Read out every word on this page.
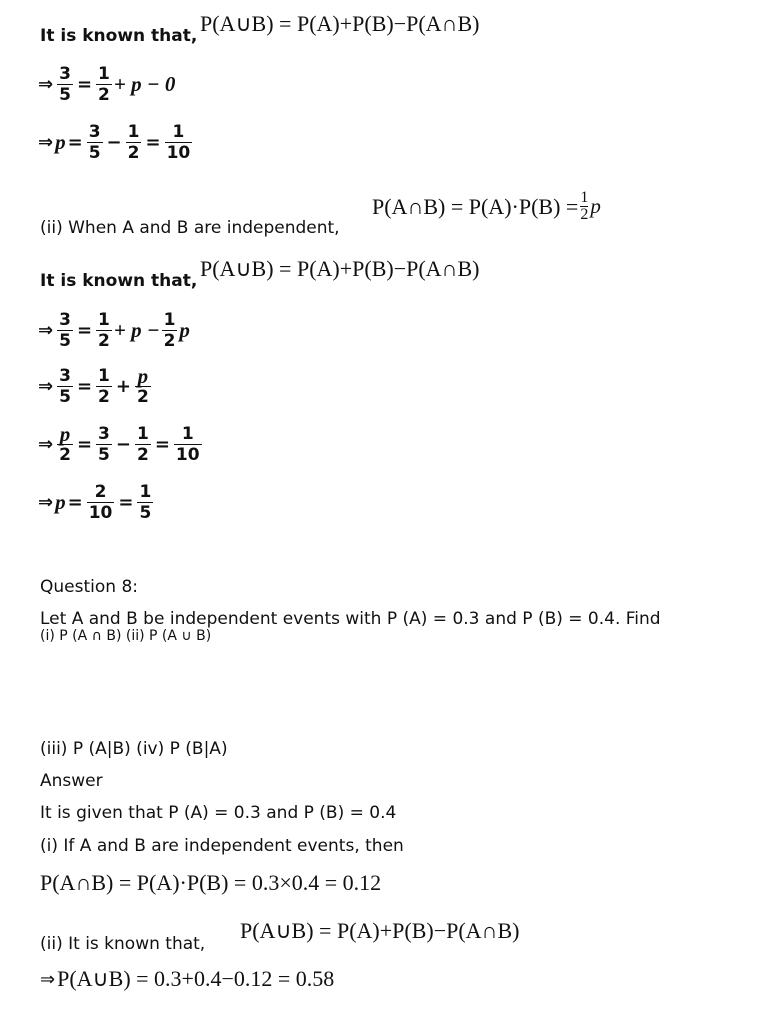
It is known that, P(A∪B) = P(A)+P(B)−P(A∩B)
⇒ $\frac{3}{5} = \frac{1}{2} + p - 0$
⇒ $p = \frac{3}{5} - \frac{1}{2} = \frac{1}{10}$
(ii) When A and B are independent,
P(A∩B) = $P(A)\cdot P(B) = \frac{1}{2}$ p
It is known that, P(A∪B) = P(A)+P(B)−P(A∩B)
⇒ $\frac{3}{5} = \frac{1}{2} + p - \frac{1}{2}$ p
⇒ $\frac{3}{5} = \frac{1}{2} + \frac{p}{2}$
⇒ $\frac{p}{2} = \frac{3}{5} - \frac{1}{2} = \frac{1}{10}$
⇒ $p = \frac{2}{10} = \frac{1}{5}$
Question 8:
Let A and B be independent events with P (A) = 0.3 and P (B) = 0.4. Find
(i) P (A ∩ B) (ii) P (A ∪ B)
(iii) P (A|B) (iv) P (B|A)
Answer
It is given that P (A) = 0.3 and P (B) = 0.4
(i) If A and B are independent events, then
P(A∩B) = P(A)·P(B) = 0.3×0.4 = 0.12
(ii) It is known that,
P(A∪B) = P(A)+P(B)−P(A∩B)
⇒ P(A∪B) = 0.3+0.4−0.12 = 0.58
